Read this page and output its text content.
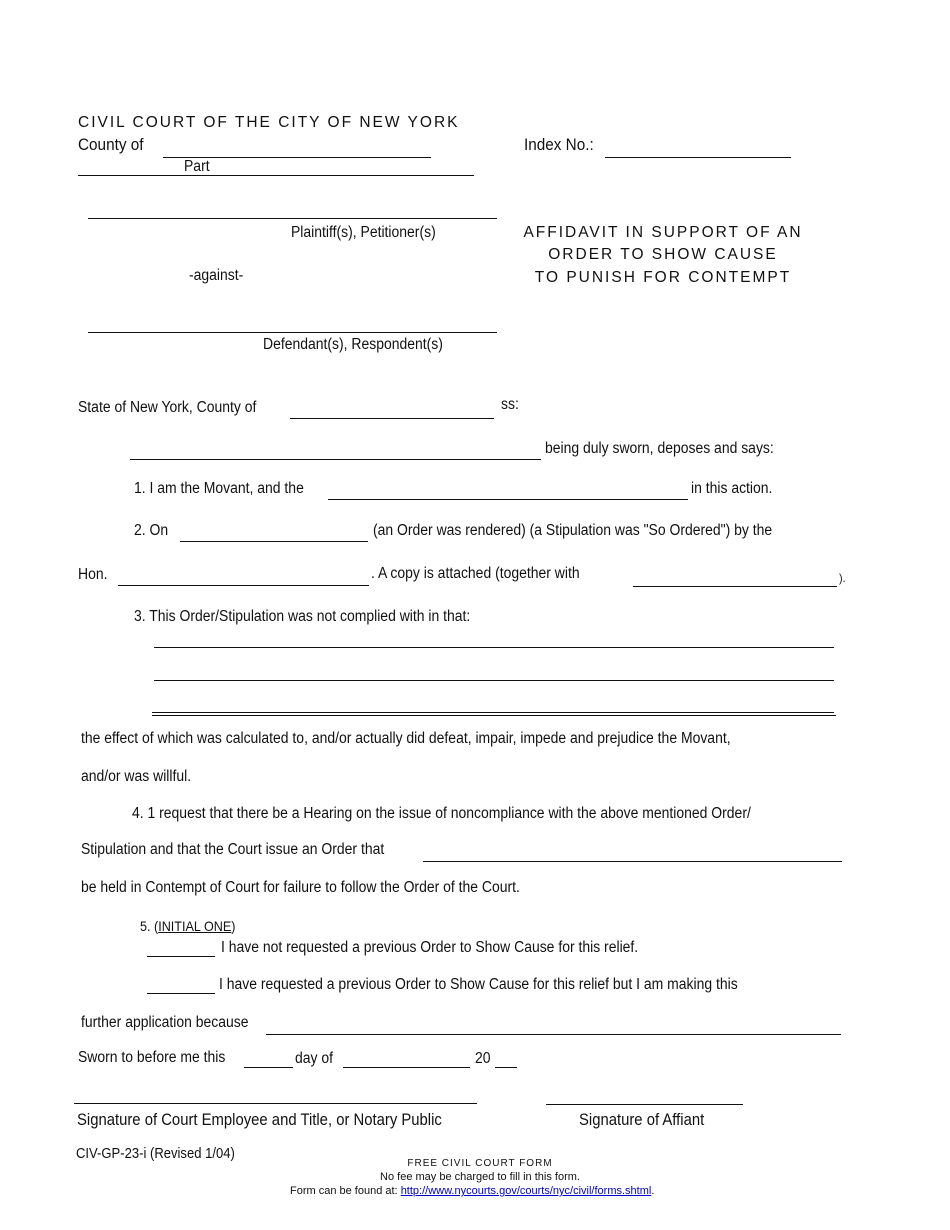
CIVIL COURT OF THE CITY OF NEW YORK
County of
Part
Index No.:
Plaintiff(s), Petitioner(s)
-against-
Defendant(s), Respondent(s)
AFFIDAVIT IN SUPPORT OF AN
ORDER TO SHOW CAUSE
TO PUNISH FOR CONTEMPT
State of New York, County of	ss:
being duly sworn, deposes and says:
1. I am the Movant, and the	in this action.
2. On	(an Order was rendered) (a Stipulation was "So Ordered") by the
Hon.	. A copy is attached (together with	).
3. This Order/Stipulation was not complied with in that:
the effect of which was calculated to, and/or actually did defeat, impair, impede and prejudice the Movant,
and/or was willful.
4. 1 request that there be a Hearing on the issue of noncompliance with the above mentioned Order/
Stipulation and that the Court issue an Order that
be held in Contempt of Court for failure to follow the Order of the Court.
5. (INITIAL ONE)
I have not requested a previous Order to Show Cause for this relief.
I have requested a previous Order to Show Cause for this relief but I am making this
further application because
Sworn to before me this	day of	20
Signature of Court Employee and Title, or Notary Public	Signature of Affiant
CIV-GP-23-i (Revised 1/04)
FREE CIVIL COURT FORM
No fee may be charged to fill in this form.
Form can be found at: http://www.nycourts.gov/courts/nyc/civil/forms.shtml.
